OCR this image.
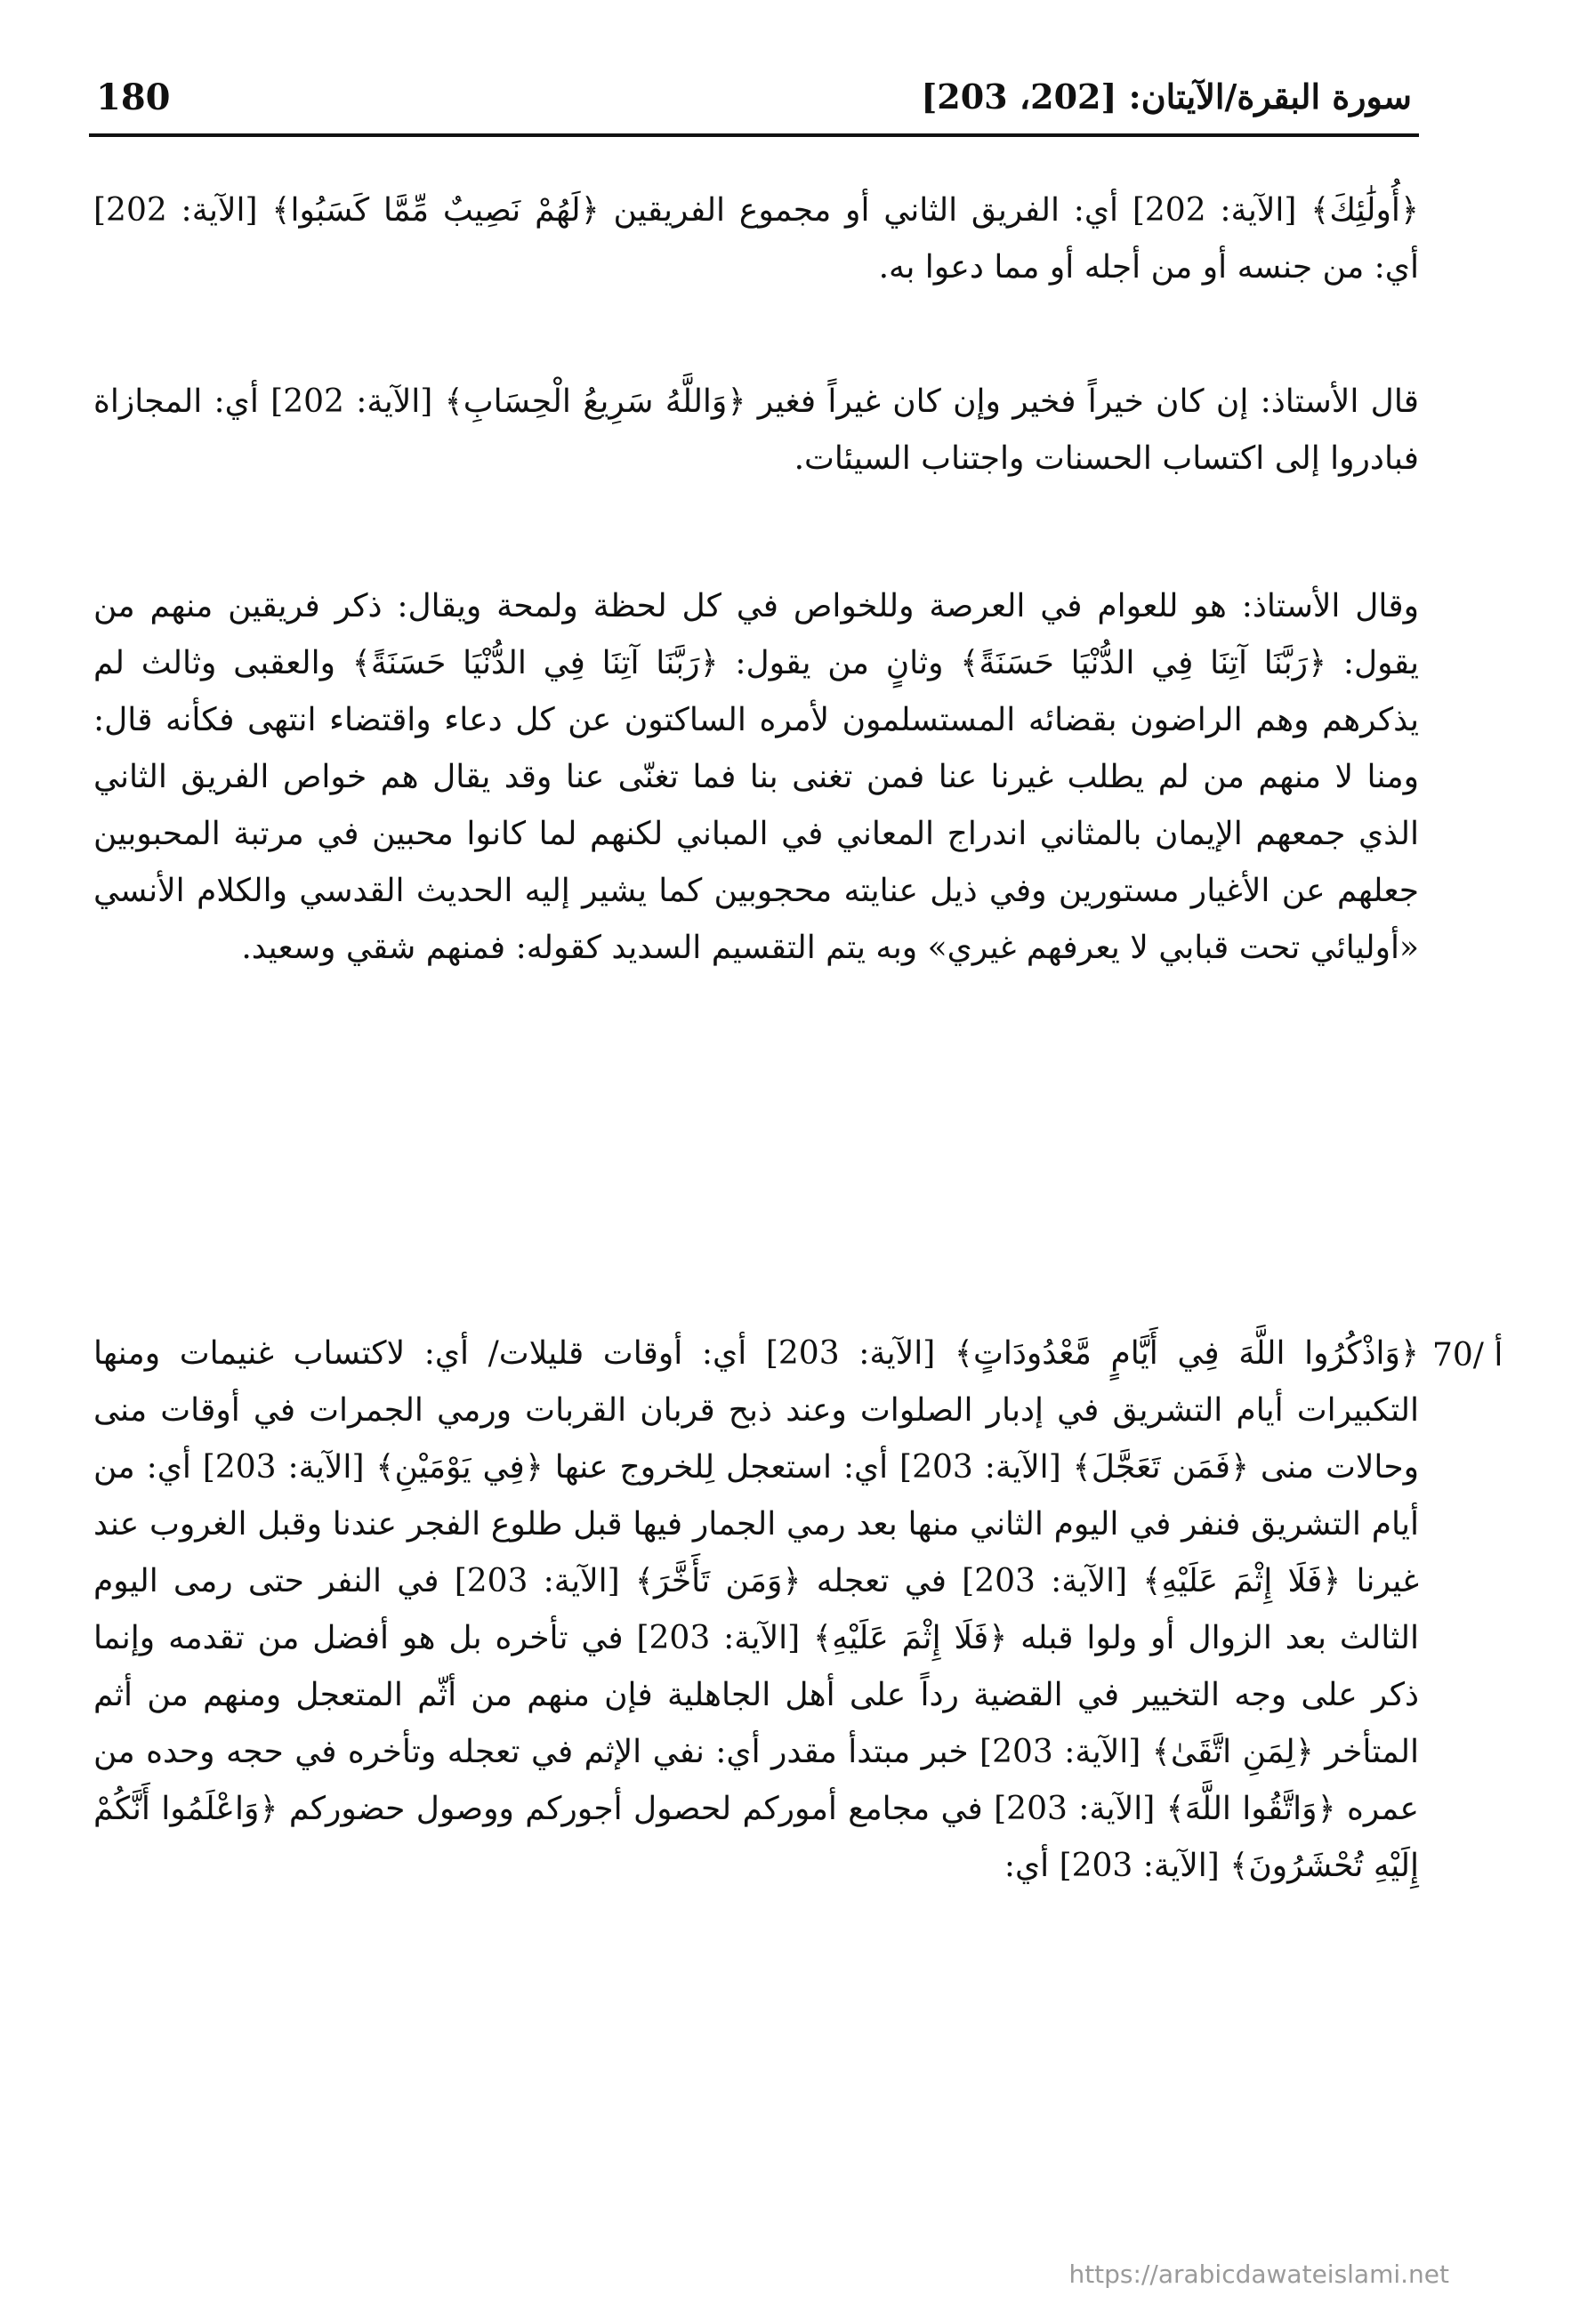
180	سورة البقرة/الآيتان: [202، 203]

﴿أُولَٰئِكَ﴾ [الآية: 202] أي: الفريق الثاني أو مجموع الفريقين ﴿لَهُمْ نَصِيبٌ مِّمَّا كَسَبُوا﴾ [الآية: 202] أي: من جنسه أو من أجله أو مما دعوا به.

قال الأستاذ: إن كان خيراً فخير وإن كان غيراً فغير ﴿وَاللَّهُ سَرِيعُ الْحِسَابِ﴾ [الآية: 202] أي: المجازاة فبادروا إلى اكتساب الحسنات واجتناب السيئات.

وقال الأستاذ: هو للعوام في العرصة وللخواص في كل لحظة ولمحة ويقال: ذكر فريقين منهم من يقول: ﴿رَبَّنَا آتِنَا فِي الدُّنْيَا حَسَنَةً﴾ وثانٍ من يقول: ﴿رَبَّنَا آتِنَا فِي الدُّنْيَا حَسَنَةً﴾ والعقبى وثالث لم يذكرهم وهم الراضون بقضائه المستسلمون لأمره الساكتون عن كل دعاء واقتضاء انتهى فكأنه قال: ومنا لا منهم من لم يطلب غيرنا عنا فمن تغنى بنا فما تغنّى عنا وقد يقال هم خواص الفريق الثاني الذي جمعهم الإيمان بالمثاني اندراج المعاني في المباني لكنهم لما كانوا محبين في مرتبة المحبوبين جعلهم عن الأغيار مستورين وفي ذيل عنايته محجوبين كما يشير إليه الحديث القدسي والكلام الأنسي «أوليائي تحت قبابي لا يعرفهم غيري» وبه يتم التقسيم السديد كقوله: فمنهم شقي وسعيد.

﴿وَاذْكُرُوا اللَّهَ فِي أَيَّامٍ مَّعْدُودَاتٍ﴾ [الآية: 203] أي: أوقات قليلات/ أي: لاكتساب غنيمات ومنها التكبيرات أيام التشريق في إدبار الصلوات وعند ذبح قربان القربات ورمي الجمرات في أوقات منى وحالات منى ﴿فَمَن تَعَجَّلَ﴾ [الآية: 203] أي: استعجل لِلخروج عنها ﴿فِي يَوْمَيْنِ﴾ [الآية: 203] أي: من أيام التشريق فنفر في اليوم الثاني منها بعد رمي الجمار فيها قبل طلوع الفجر عندنا وقبل الغروب عند غيرنا ﴿فَلَا إِثْمَ عَلَيْهِ﴾ [الآية: 203] في تعجله ﴿وَمَن تَأَخَّرَ﴾ [الآية: 203] في النفر حتى رمى اليوم الثالث بعد الزوال أو ولوا قبله ﴿فَلَا إِثْمَ عَلَيْهِ﴾ [الآية: 203] في تأخره بل هو أفضل من تقدمه وإنما ذكر على وجه التخيير في القضية رداً على أهل الجاهلية فإن منهم من أثّم المتعجل ومنهم من أثم المتأخر ﴿لِمَنِ اتَّقَىٰ﴾ [الآية: 203] خبر مبتدأ مقدر أي: نفي الإثم في تعجله وتأخره في حجه وحده من عمره ﴿وَاتَّقُوا اللَّهَ﴾ [الآية: 203] في مجامع أموركم لحصول أجوركم ووصول حضوركم ﴿وَاعْلَمُوا أَنَّكُمْ إِلَيْهِ تُحْشَرُونَ﴾ [الآية: 203] أي:

70/ أ
https://arabicdawateislami.net
